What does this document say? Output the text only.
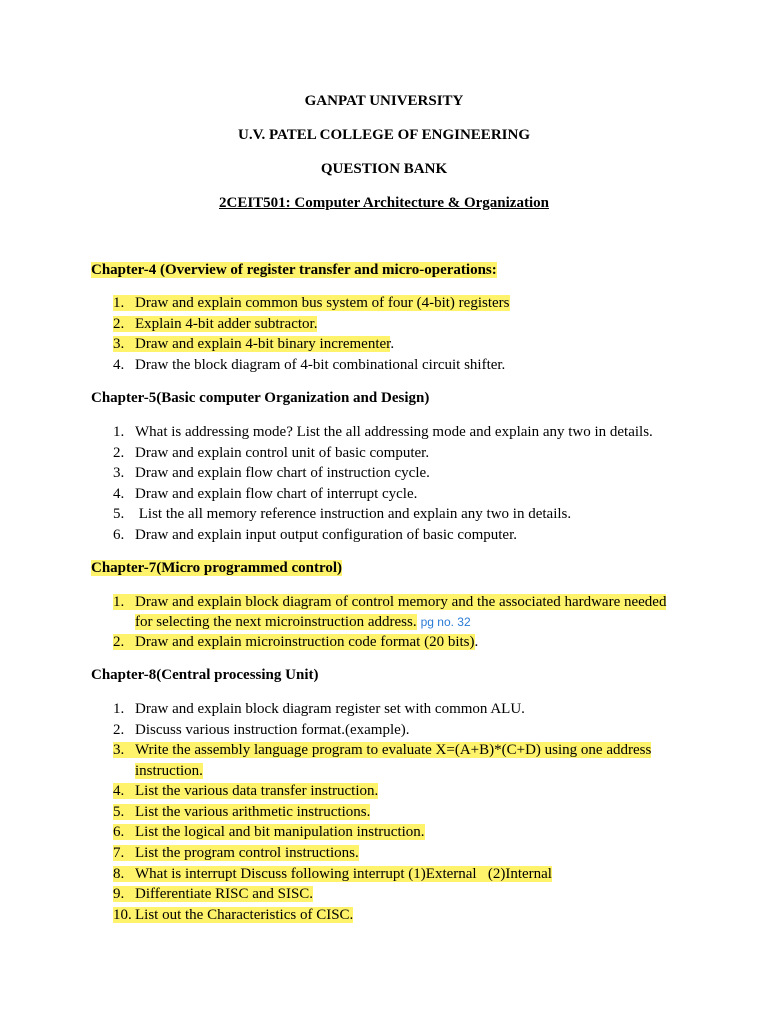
GANPAT UNIVERSITY
U.V. PATEL COLLEGE OF ENGINEERING
QUESTION BANK
2CEIT501: Computer Architecture & Organization
Chapter-4 (Overview of register transfer and micro-operations:
1. Draw and explain common bus system of four (4-bit) registers
2. Explain 4-bit adder subtractor.
3. Draw and explain 4-bit binary incrementer.
4. Draw the block diagram of 4-bit combinational circuit shifter.
Chapter-5(Basic computer Organization and Design)
1. What is addressing mode? List the all addressing mode and explain any two in details.
2. Draw and explain control unit of basic computer.
3. Draw and explain flow chart of instruction cycle.
4. Draw and explain flow chart of interrupt cycle.
5. List the all memory reference instruction and explain any two in details.
6. Draw and explain input output configuration of basic computer.
Chapter-7(Micro programmed control)
1. Draw and explain block diagram of control memory and the associated hardware needed
for selecting the next microinstruction address. pg no. 32
2. Draw and explain microinstruction code format (20 bits).
Chapter-8(Central processing Unit)
1. Draw and explain block diagram register set with common ALU.
2. Discuss various instruction format.(example).
3. Write the assembly language program to evaluate X=(A+B)*(C+D) using one address
instruction.
4. List the various data transfer instruction.
5. List the various arithmetic instructions.
6. List the logical and bit manipulation instruction.
7. List the program control instructions.
8. What is interrupt Discuss following interrupt (1)External   (2)Internal
9. Differentiate RISC and SISC.
10. List out the Characteristics of CISC.
